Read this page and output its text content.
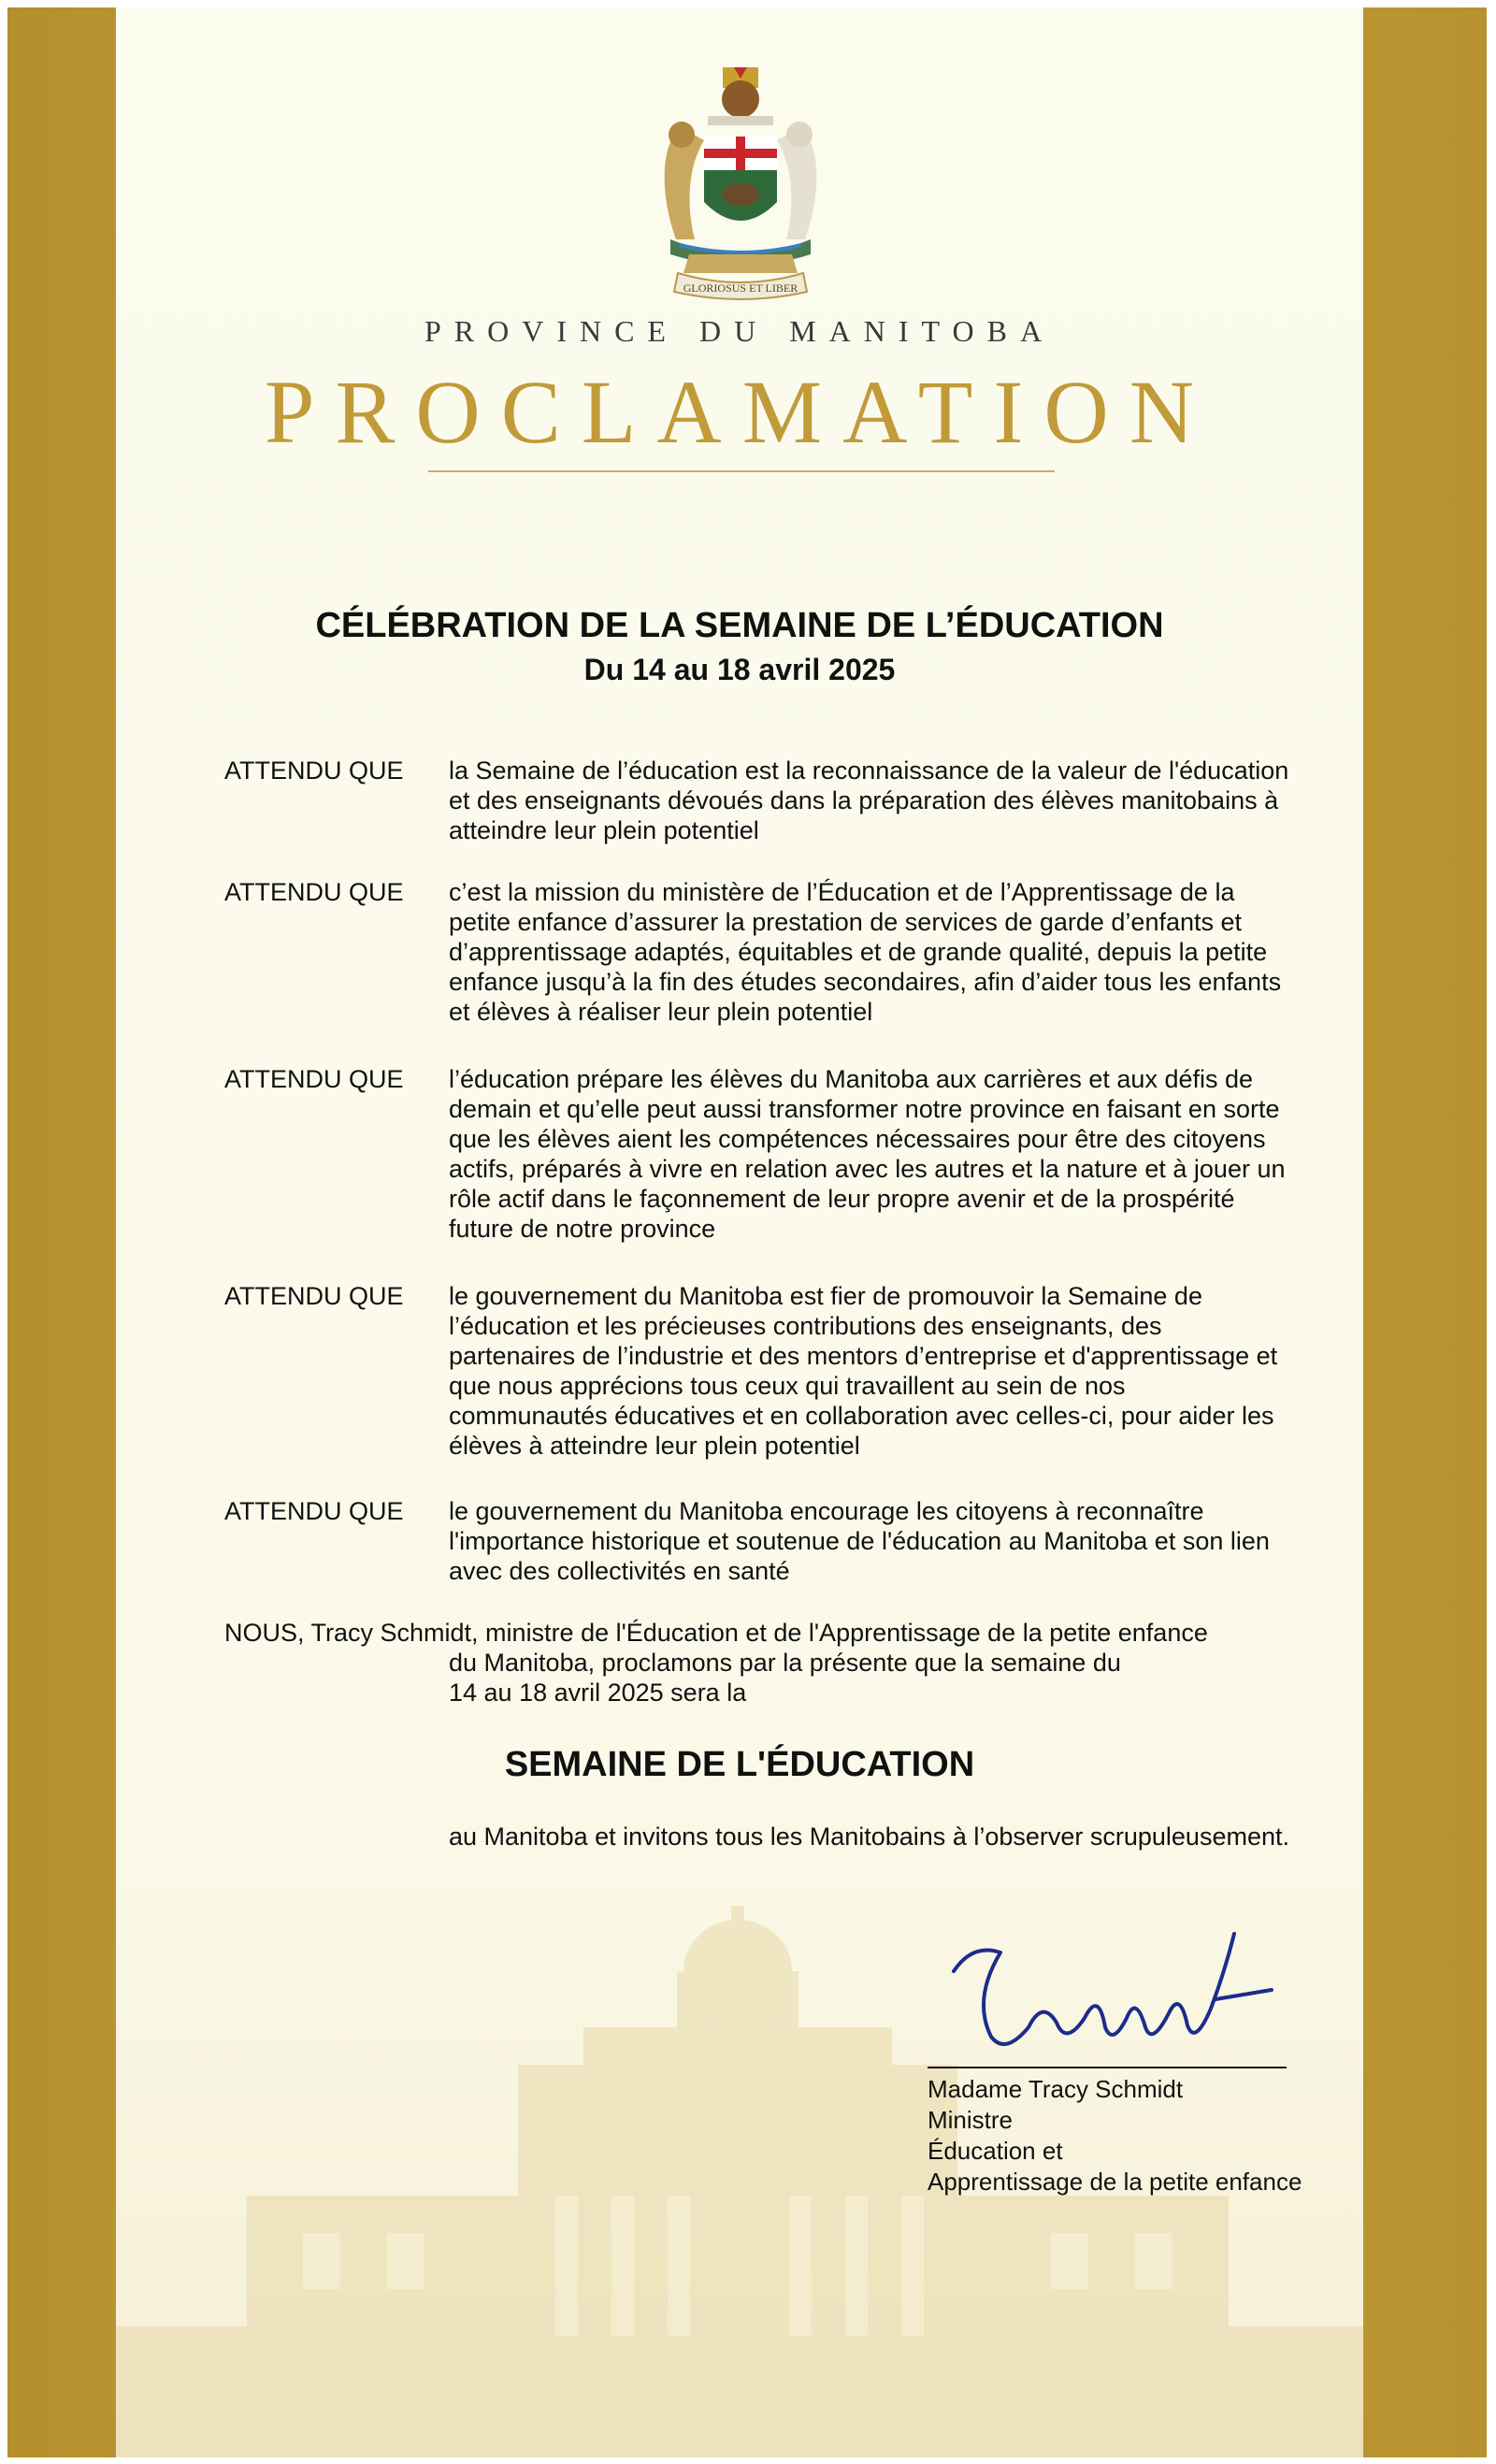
GLORIOSUS ET LIBER
PROVINCE DU MANITOBA
PROCLAMATION
CÉLÉBRATION DE LA SEMAINE DE L’ÉDUCATION
Du 14 au 18 avril 2025
ATTENDU QUE	la Semaine de l’éducation est la reconnaissance de la valeur de l'éducation et des enseignants dévoués dans la préparation des élèves manitobains à atteindre leur plein potentiel
ATTENDU QUE	c’est la mission du ministère de l’Éducation et de l’Apprentissage de la petite enfance d’assurer la prestation de services de garde d’enfants et d’apprentissage adaptés, équitables et de grande qualité, depuis la petite enfance jusqu’à la fin des études secondaires, afin d’aider tous les enfants et élèves à réaliser leur plein potentiel
ATTENDU QUE	l’éducation prépare les élèves du Manitoba aux carrières et aux défis de demain et qu’elle peut aussi transformer notre province en faisant en sorte que les élèves aient les compétences nécessaires pour être des citoyens actifs, préparés à vivre en relation avec les autres et la nature et à jouer un rôle actif dans le façonnement de leur propre avenir et de la prospérité future de notre province
ATTENDU QUE	le gouvernement du Manitoba est fier de promouvoir la Semaine de l’éducation et les précieuses contributions des enseignants, des partenaires de l’industrie et des mentors d’entreprise et d'apprentissage et que nous apprécions tous ceux qui travaillent au sein de nos communautés éducatives et en collaboration avec celles-ci, pour aider les élèves à atteindre leur plein potentiel
ATTENDU QUE	le gouvernement du Manitoba encourage les citoyens à reconnaître l'importance historique et soutenue de l'éducation au Manitoba et son lien avec des collectivités en santé
NOUS, Tracy Schmidt, ministre de l'Éducation et de l'Apprentissage de la petite enfance
du Manitoba, proclamons par la présente que la semaine du
14 au 18 avril 2025 sera la
SEMAINE DE L'ÉDUCATION
au Manitoba et invitons tous les Manitobains à l’observer scrupuleusement.
Madame Tracy Schmidt
Ministre
Éducation et
Apprentissage de la petite enfance
